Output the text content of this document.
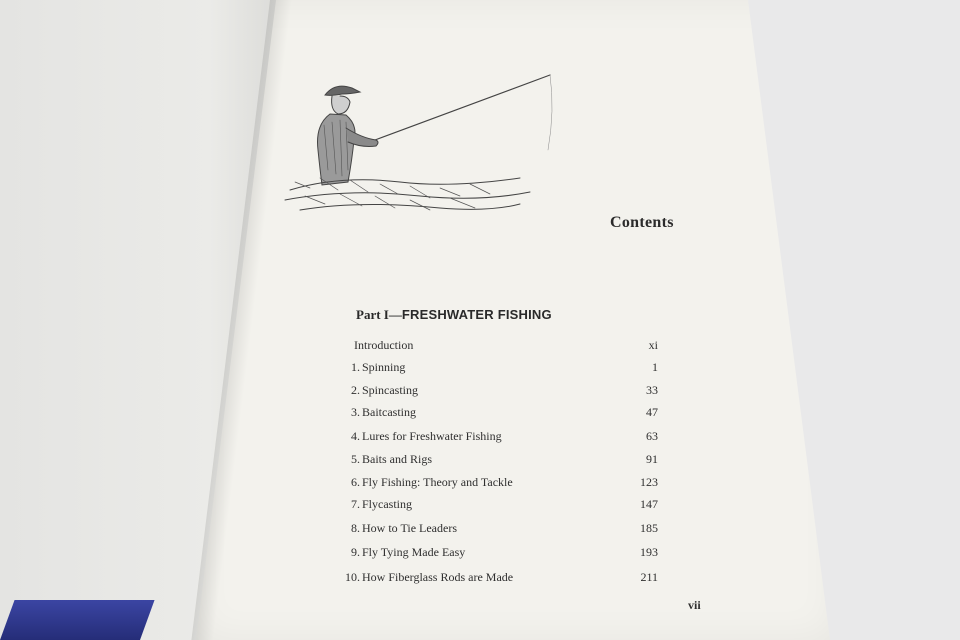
Contents
Part I—FRESHWATER FISHING
Introduction	xi
1. Spinning	1
2. Spincasting	33
3. Baitcasting	47
4. Lures for Freshwater Fishing	63
5. Baits and Rigs	91
6. Fly Fishing: Theory and Tackle	123
7. Flycasting	147
8. How to Tie Leaders	185
9. Fly Tying Made Easy	193
10. How Fiberglass Rods are Made	211
vii
